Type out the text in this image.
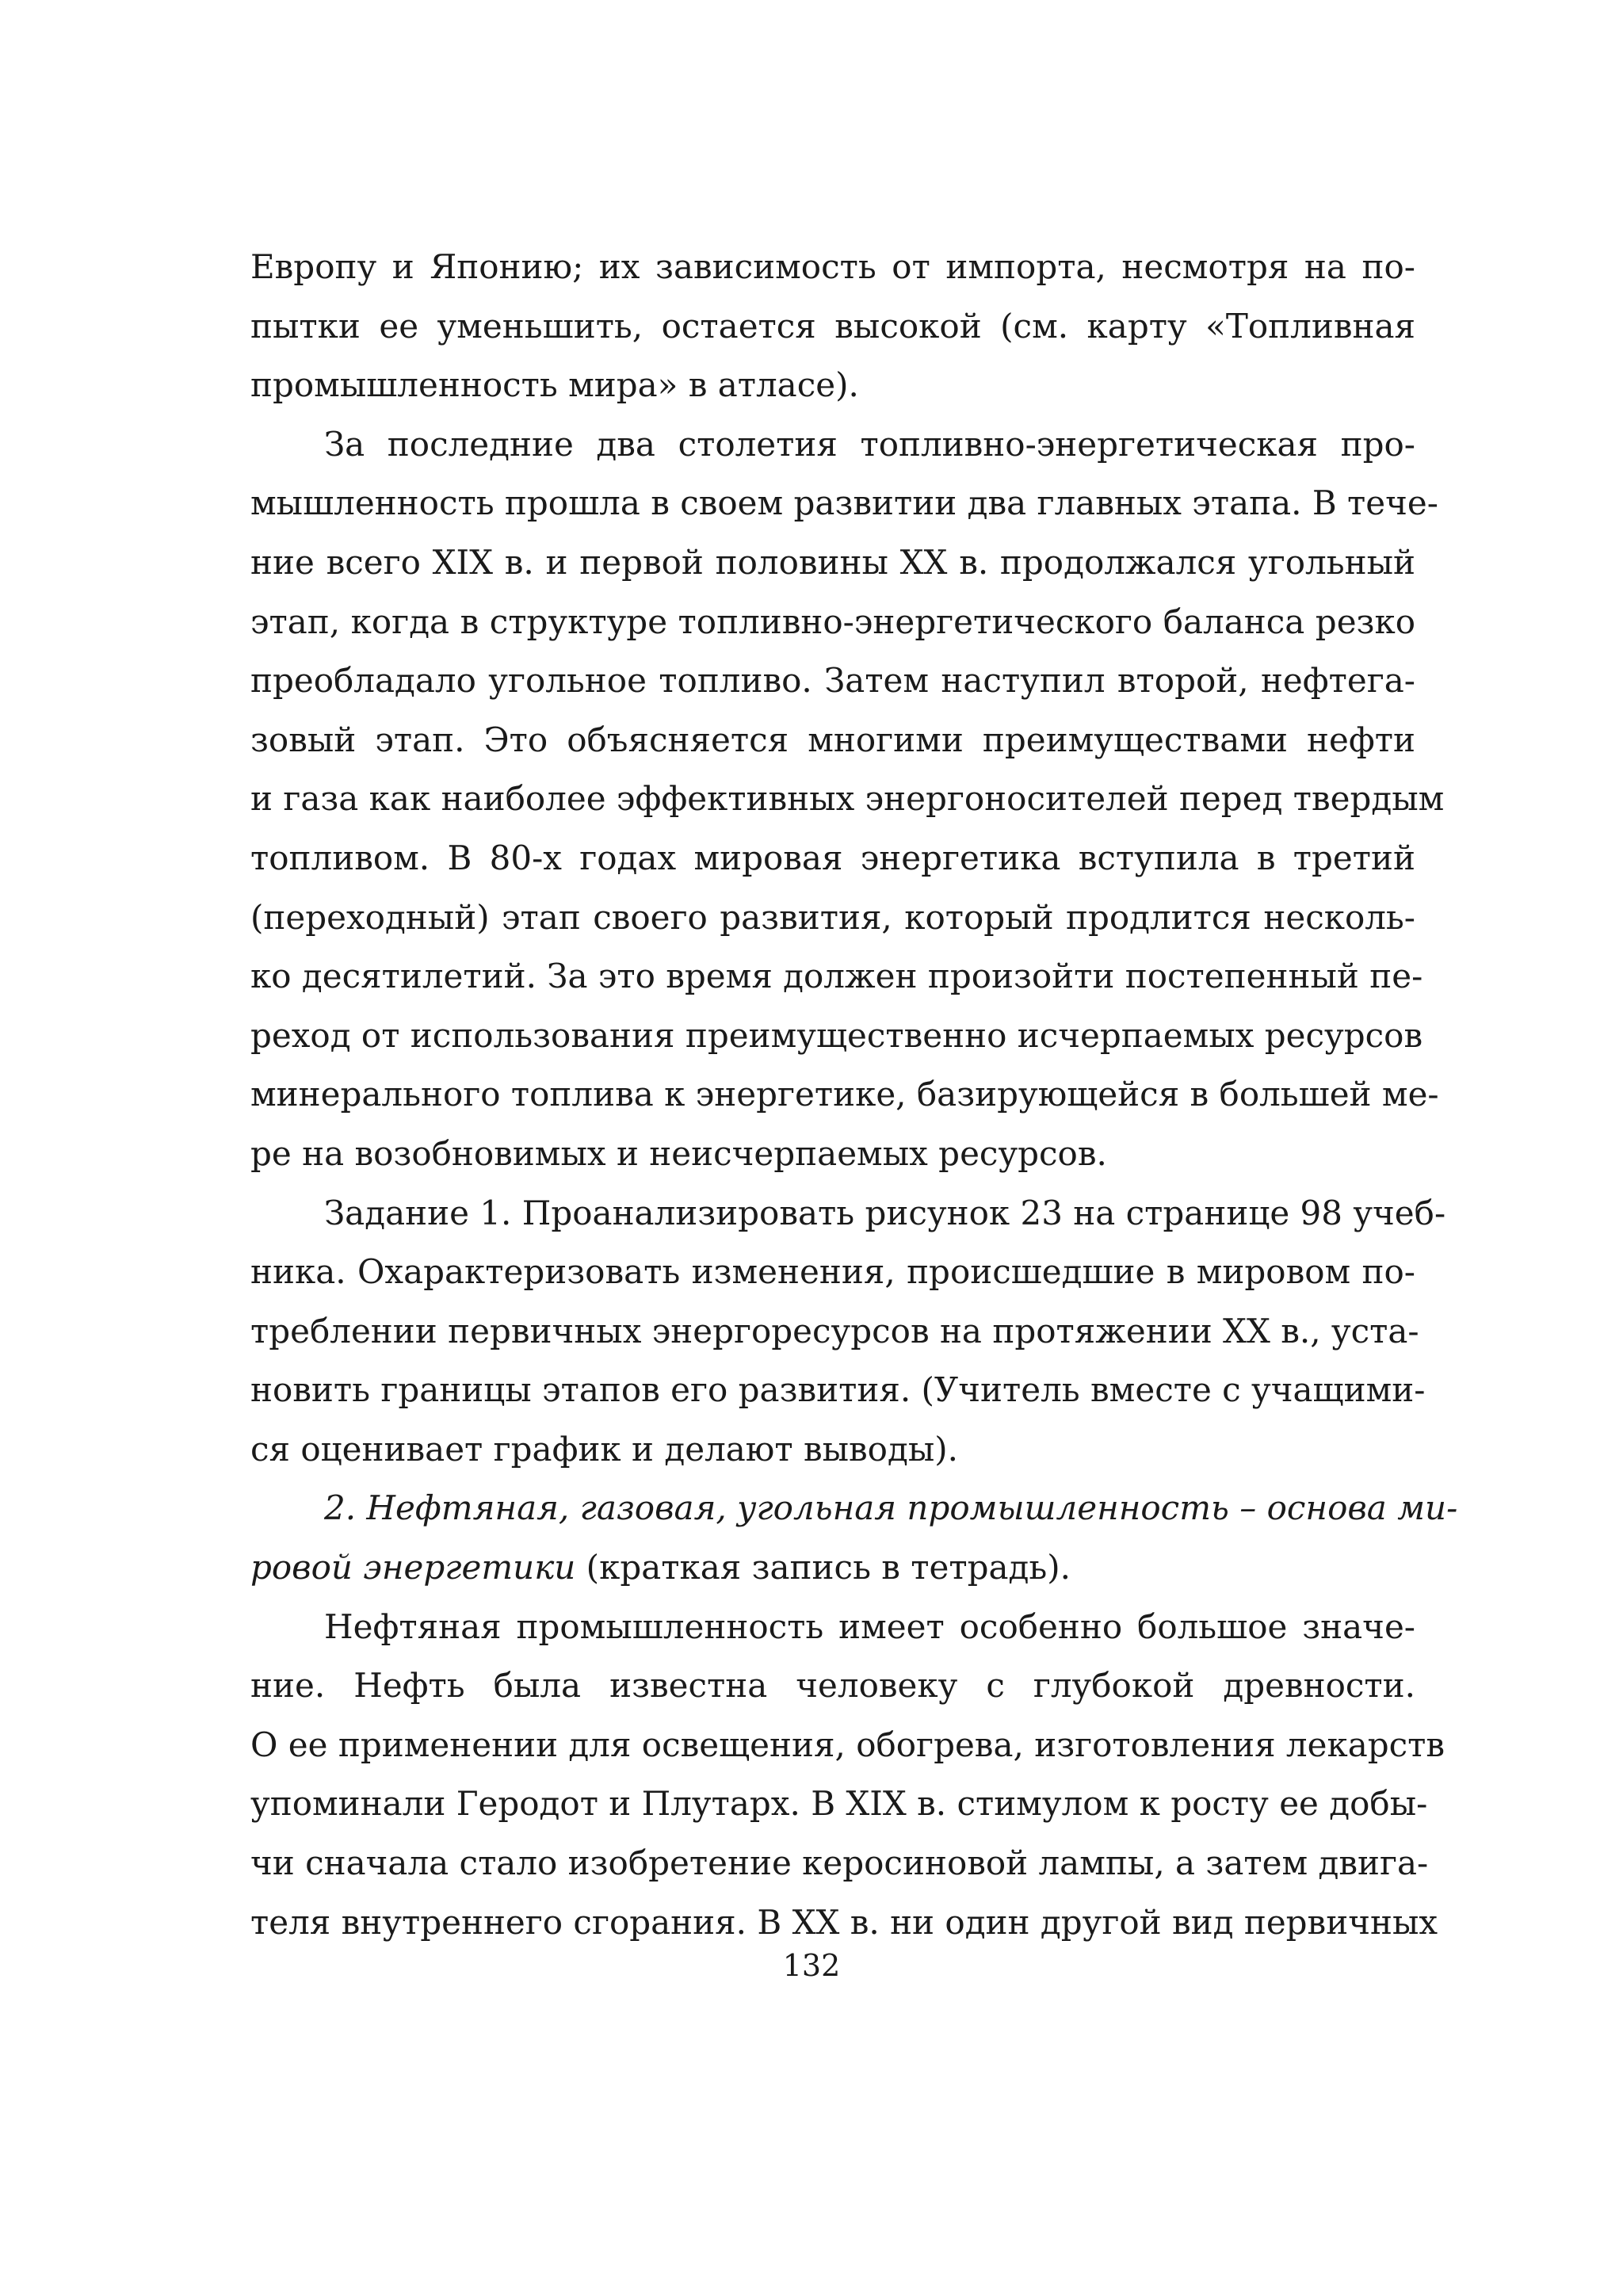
Европу и Японию; их зависимость от импорта, несмотря на по-
пытки ее уменьшить, остается высокой (см. карту «Топливная
промышленность мира» в атласе).
За последние два столетия топливно-энергетическая про-
мышленность прошла в своем развитии два главных этапа. В тече-
ние всего XIX в. и первой половины XX в. продолжался угольный
этап, когда в структуре топливно-энергетического баланса резко
преобладало угольное топливо. Затем наступил второй, нефтега-
зовый этап. Это объясняется многими преимуществами нефти
и газа как наиболее эффективных энергоносителей перед твердым
топливом. В 80-х годах мировая энергетика вступила в третий
(переходный) этап своего развития, который продлится несколь-
ко десятилетий. За это время должен произойти постепенный пе-
реход от использования преимущественно исчерпаемых ресурсов
минерального топлива к энергетике, базирующейся в большей ме-
ре на возобновимых и неисчерпаемых ресурсов.
Задание 1. Проанализировать рисунок 23 на странице 98 учеб-
ника. Охарактеризовать изменения, происшедшие в мировом по-
треблении первичных энергоресурсов на протяжении XX в., уста-
новить границы этапов его развития. (Учитель вместе с учащими-
ся оценивает график и делают выводы).
2. Нефтяная, газовая, угольная промышленность – основа ми-
ровой энергетики (краткая запись в тетрадь).
Нефтяная промышленность имеет особенно большое значе-
ние. Нефть была известна человеку с глубокой древности.
О ее применении для освещения, обогрева, изготовления лекарств
упоминали Геродот и Плутарх. В XIX в. стимулом к росту ее добы-
чи сначала стало изобретение керосиновой лампы, а затем двига-
теля внутреннего сгорания. В XX в. ни один другой вид первичных
132
